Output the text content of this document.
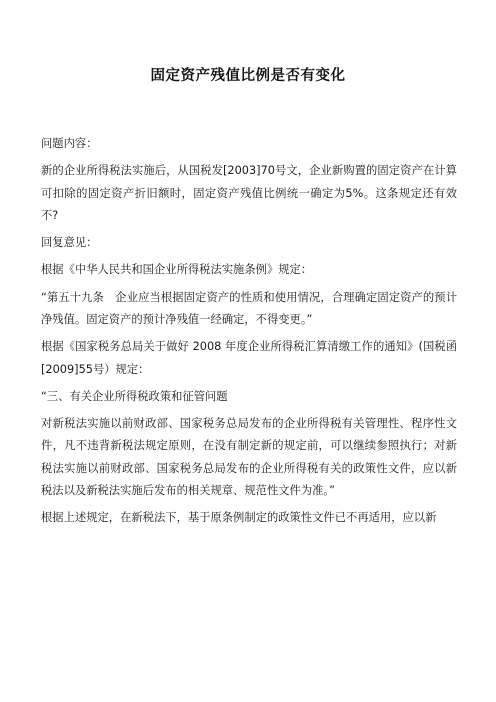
固定资产残值比例是否有变化

问题内容：

新的企业所得税法实施后，从国税发[2003]70号文，企业新购置的固定资产在计算可扣除的固定资产折旧额时，固定资产残值比例统一确定为5%。这条规定还有效不?

回复意见：

根据《中华人民共和国企业所得税法实施条例》规定：

“第五十九条　企业应当根据固定资产的性质和使用情况，合理确定固定资产的预计净残值。固定资产的预计净残值一经确定，不得变更。”

根据《国家税务总局关于做好 2008 年度企业所得税汇算清缴工作的通知》(国税函[2009]55号）规定：

“三、有关企业所得税政策和征管问题

对新税法实施以前财政部、国家税务总局发布的企业所得税有关管理性、程序性文件，凡不违背新税法规定原则，在没有制定新的规定前，可以继续参照执行；对新税法实施以前财政部、国家税务总局发布的企业所得税有关的政策性文件，应以新税法以及新税法实施后发布的相关规章、规范性文件为准。”

根据上述规定，在新税法下，基于原条例制定的政策性文件已不再适用，应以新
